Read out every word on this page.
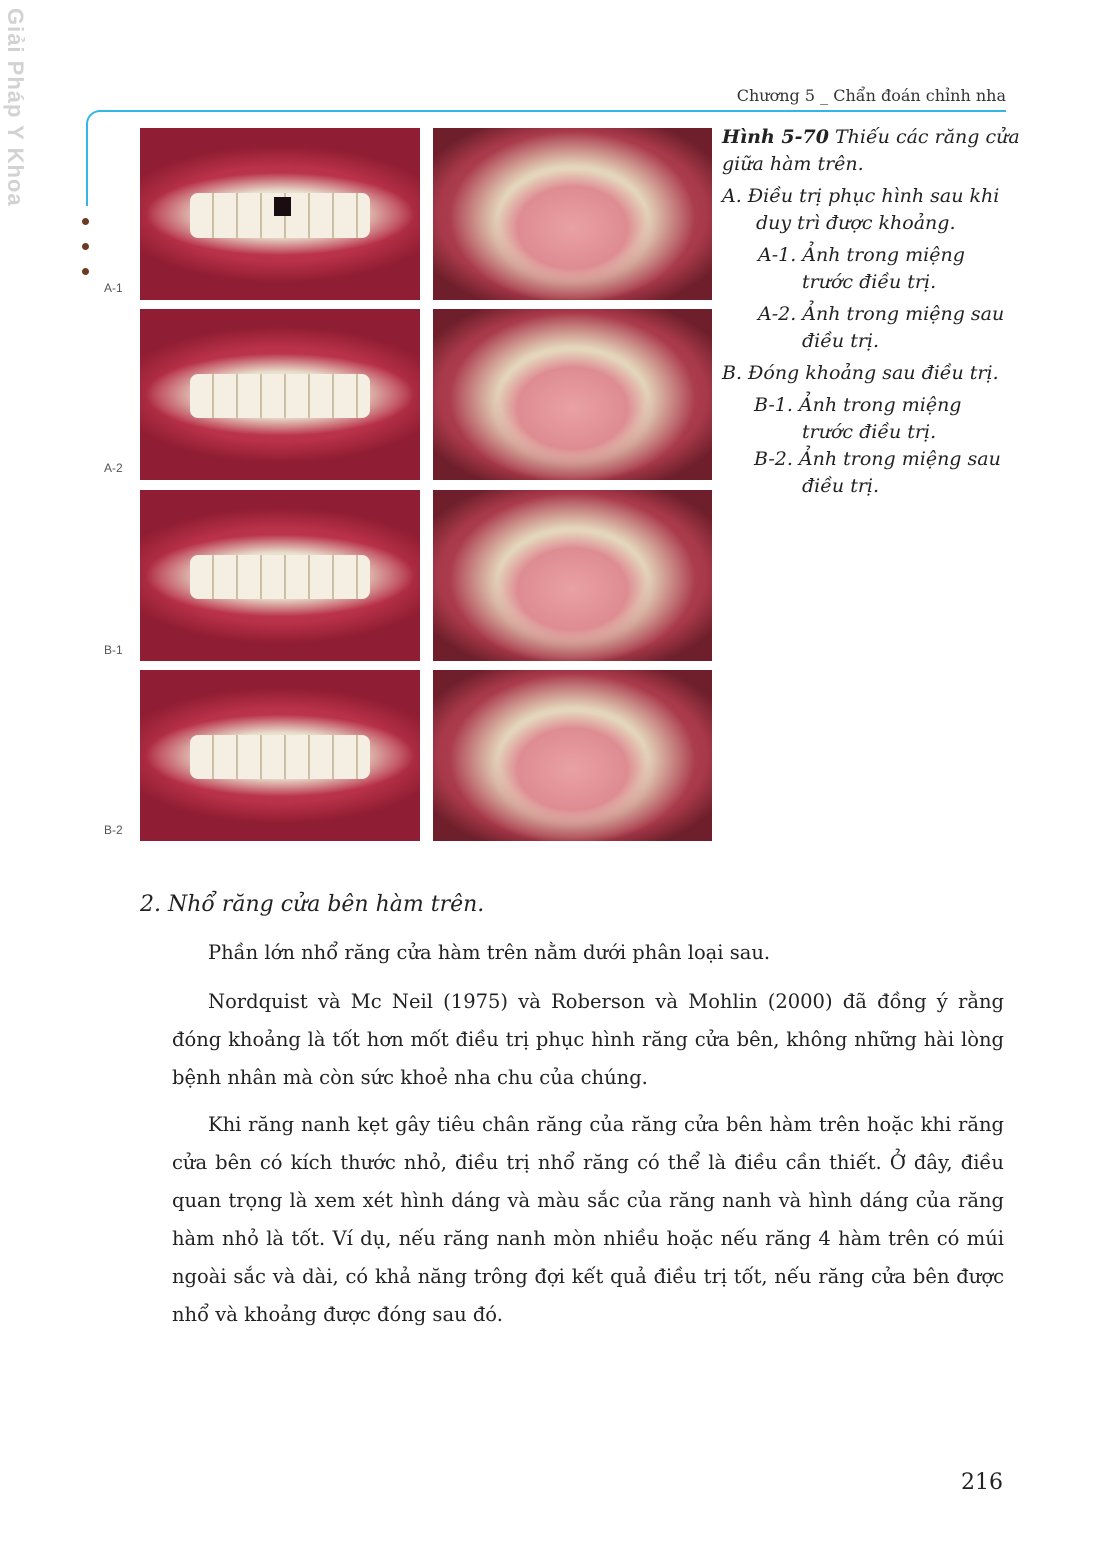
Giải Pháp Y Khoa	Chương 5 _ Chẩn đoán chỉnh nha
A-1
A-2
B-1
B-2
Hình 5-70 Thiếu các răng cửa
giữa hàm trên.
A. Điều trị phục hình sau khi
duy trì được khoảng.
A-1. Ảnh trong miệng
trước điều trị.
A-2. Ảnh trong miệng sau
điều trị.
B. Đóng khoảng sau điều trị.
B-1. Ảnh trong miệng
trước điều trị.
B-2. Ảnh trong miệng sau
điều trị.
2. Nhổ răng cửa bên hàm trên.
Phần lớn nhổ răng cửa hàm trên nằm dưới phân loại sau.
Nordquist và Mc Neil (1975) và Roberson và Mohlin (2000) đã đồng ý rằng đóng khoảng là tốt hơn mốt điều trị phục hình răng cửa bên, không những hài lòng bệnh nhân mà còn sức khoẻ nha chu của chúng.
Khi răng nanh kẹt gây tiêu chân răng của răng cửa bên hàm trên hoặc khi răng cửa bên có kích thước nhỏ, điều trị nhổ răng có thể là điều cần thiết. Ở đây, điều quan trọng là xem xét hình dáng và màu sắc của răng nanh và hình dáng của răng hàm nhỏ là tốt. Ví dụ, nếu răng nanh mòn nhiều hoặc nếu răng 4 hàm trên có múi ngoài sắc và dài, có khả năng trông đợi kết quả điều trị tốt, nếu răng cửa bên được nhổ và khoảng được đóng sau đó.
216
